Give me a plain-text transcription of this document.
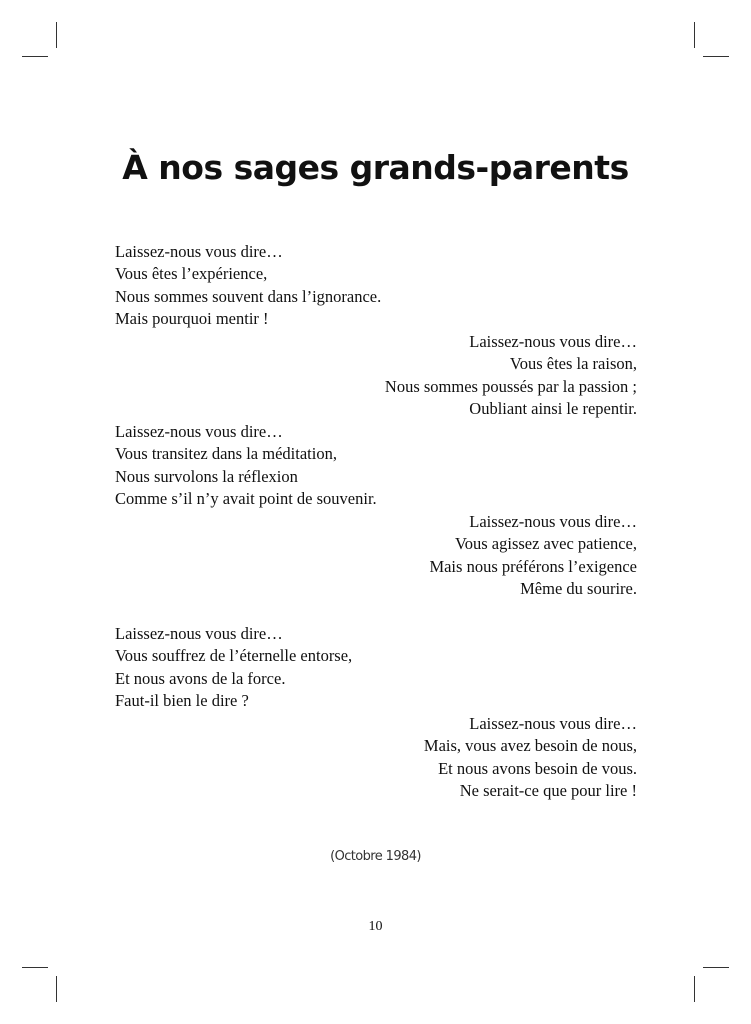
À nos sages grands-parents
Laissez-nous vous dire…
Vous êtes l’expérience,
Nous sommes souvent dans l’ignorance.
Mais pourquoi mentir !
Laissez-nous vous dire…
Vous êtes la raison,
Nous sommes poussés par la passion ;
Oubliant ainsi le repentir.
Laissez-nous vous dire…
Vous transitez dans la méditation,
Nous survolons la réflexion
Comme s’il n’y avait point de souvenir.
Laissez-nous vous dire…
Vous agissez avec patience,
Mais nous préférons l’exigence
Même du sourire.
Laissez-nous vous dire…
Vous souffrez de l’éternelle entorse,
Et nous avons de la force.
Faut-il bien le dire ?
Laissez-nous vous dire…
Mais, vous avez besoin de nous,
Et nous avons besoin de vous.
Ne serait-ce que pour lire !
(Octobre 1984)
10
